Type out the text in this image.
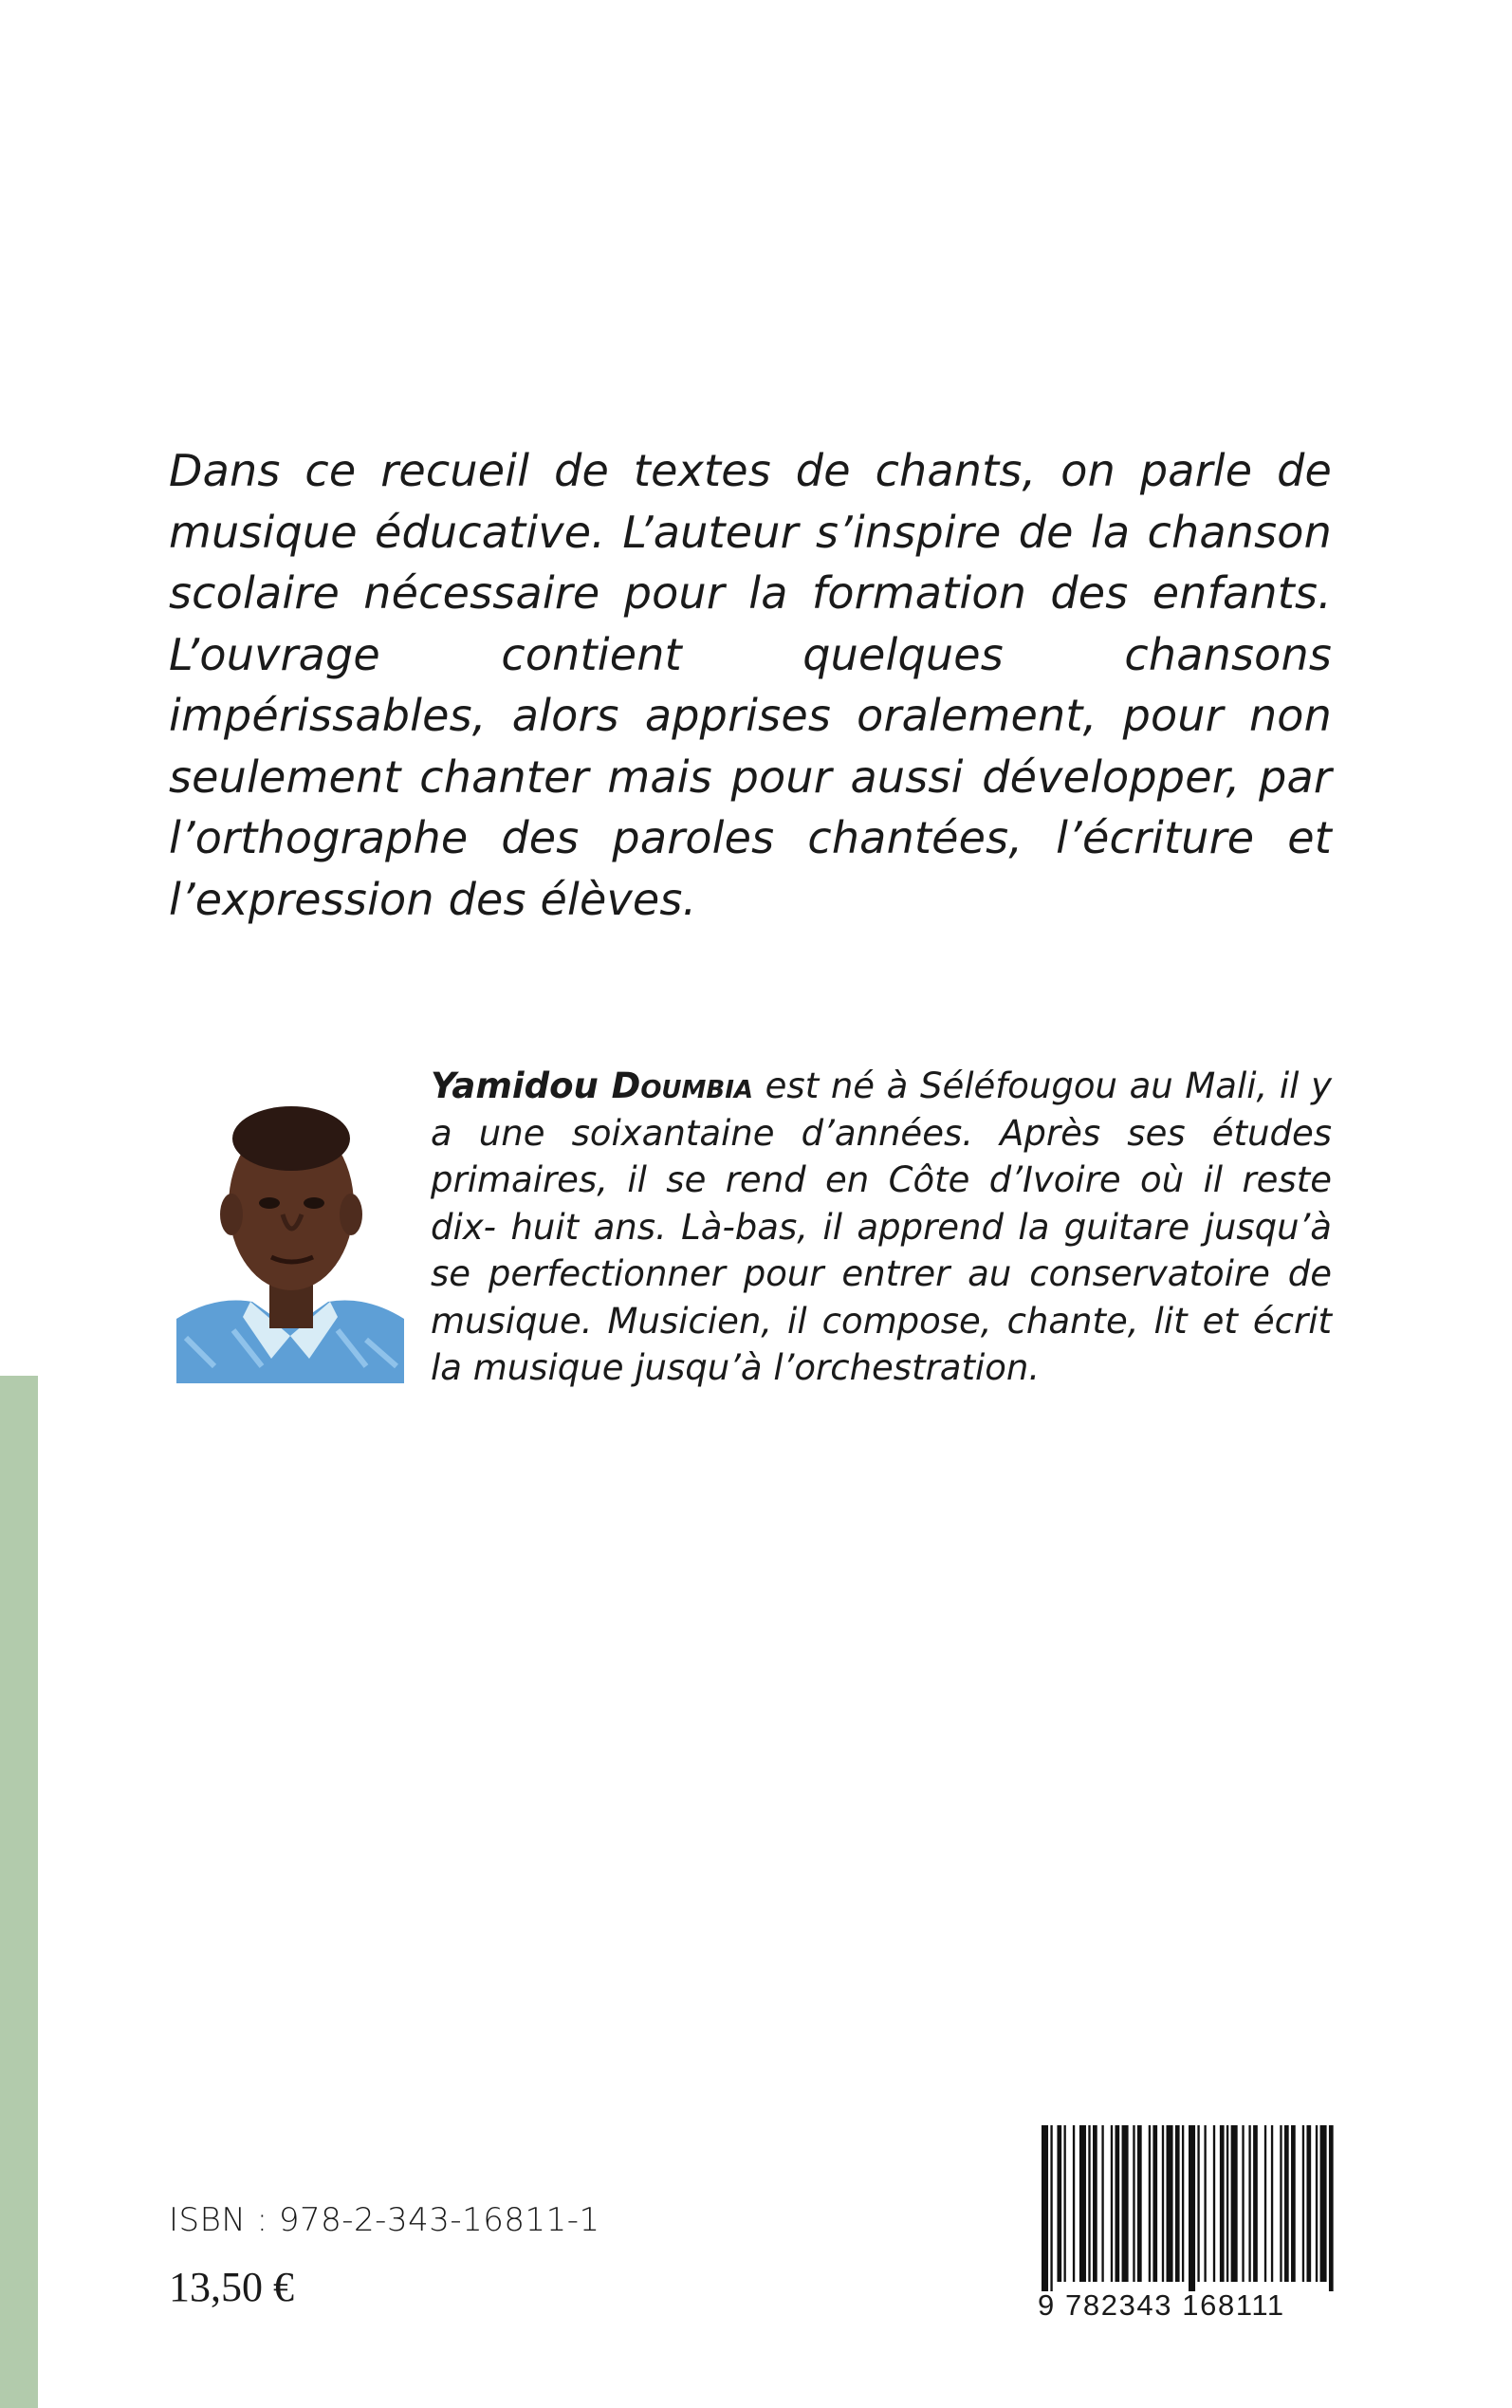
Dans ce recueil de textes de chants, on parle de musique éducative. L’auteur s’inspire de la chanson scolaire nécessaire pour la formation des enfants. L’ouvrage contient quelques chansons impérissables, alors apprises oralement, pour non seulement chanter mais pour aussi développer, par l’orthographe des paroles chantées, l’écriture et l’expression des élèves.

Yamidou Doumbia est né à Séléfougou au Mali, il y a une soixantaine d’années. Après ses études primaires, il se rend en Côte d’Ivoire où il reste dix- huit ans. Là-bas, il apprend la guitare jusqu’à se perfectionner pour entrer au conservatoire de musique. Musicien, il compose, chante, lit et écrit la musique jusqu’à l’orchestration.

ISBN : 978-2-343-16811-1
13,50 €	9 782343 168111
